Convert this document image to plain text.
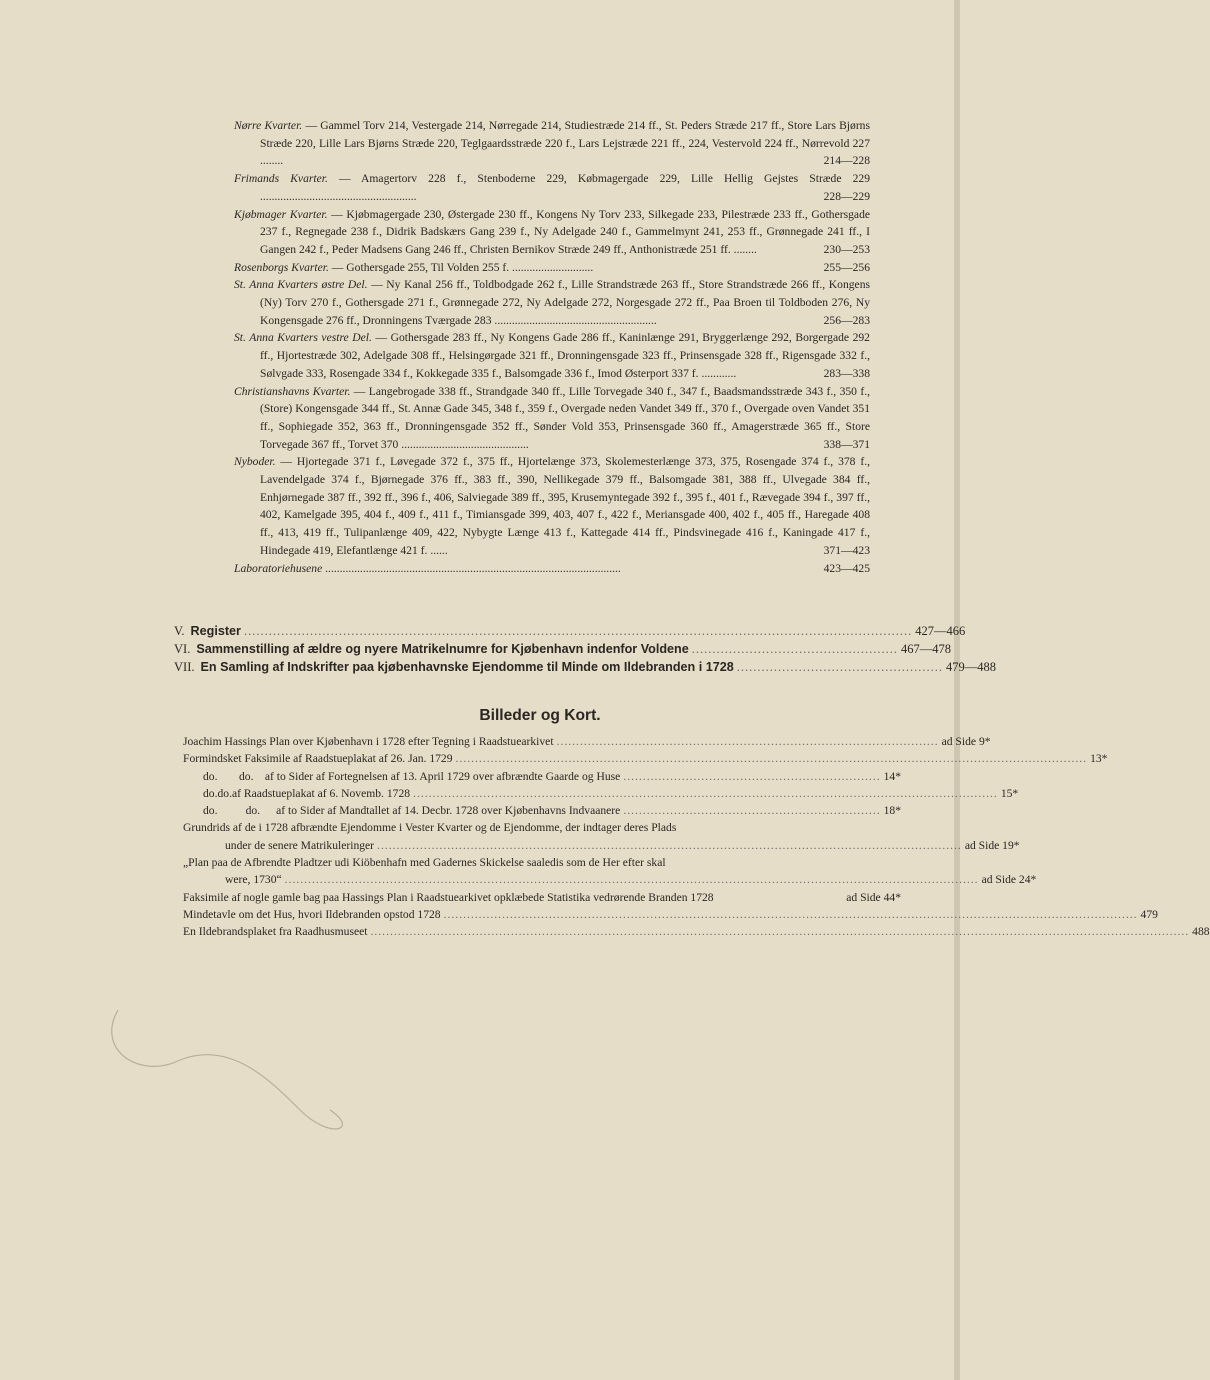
Nørre Kvarter. — Gammel Torv 214, Vestergade 214, Nørregade 214, Studiestræde 214 ff., St. Peders Stræde 217 ff., Store Lars Bjørns Stræde 220, Lille Lars Bjørns Stræde 220, Teglgaardsstræde 220 f., Lars Lejstræde 221 ff., 224, Vestervold 224 ff., Nørrevold 227 ........	214—228
Frimands Kvarter. — Amagertorv 228 f., Stenboderne 229, Købmagergade 229, Lille Hellig Gejstes Stræde 229 ......................................................	228—229
Kjøbmager Kvarter. — Kjøbmagergade 230, Østergade 230 ff., Kongens Ny Torv 233, Silkegade 233, Pilestræde 233 ff., Gothersgade 237 f., Regnegade 238 f., Didrik Badskærs Gang 239 f., Ny Adelgade 240 f., Gammelmynt 241, 253 ff., Grønnegade 241 ff., I Gangen 242 f., Peder Madsens Gang 246 ff., Christen Bernikov Stræde 249 ff., Anthonistræde 251 ff. ........	230—253
Rosenborgs Kvarter. — Gothersgade 255, Til Volden 255 f. ............................	255—256
St. Anna Kvarters østre Del. — Ny Kanal 256 ff., Toldbodgade 262 f., Lille Strandstræde 263 ff., Store Strandstræde 266 ff., Kongens (Ny) Torv 270 f., Gothersgade 271 f., Grønnegade 272, Ny Adelgade 272, Norgesgade 272 ff., Paa Broen til Toldboden 276, Ny Kongensgade 276 ff., Dronningens Tværgade 283 ........................................................	256—283
St. Anna Kvarters vestre Del. — Gothersgade 283 ff., Ny Kongens Gade 286 ff., Kaninlænge 291, Bryggerlænge 292, Borgergade 292 ff., Hjortestræde 302, Adelgade 308 ff., Helsingørgade 321 ff., Dronningensgade 323 ff., Prinsensgade 328 ff., Rigensgade 332 f., Sølvgade 333, Rosengade 334 f., Kokkegade 335 f., Balsomgade 336 f., Imod Østerport 337 f. ............	283—338
Christianshavns Kvarter. — Langebrogade 338 ff., Strandgade 340 ff., Lille Torvegade 340 f., 347 f., Baadsmandsstræde 343 f., 350 f., (Store) Kongensgade 344 ff., St. Annæ Gade 345, 348 f., 359 f., Overgade neden Vandet 349 ff., 370 f., Overgade oven Vandet 351 ff., Sophiegade 352, 363 ff., Dronningensgade 352 ff., Sønder Vold 353, Prinsensgade 360 ff., Amagerstræde 365 ff., Store Torvegade 367 ff., Torvet 370 ............................................	338—371
Nyboder. — Hjortegade 371 f., Løvegade 372 f., 375 ff., Hjortelænge 373, Skolemesterlænge 373, 375, Rosengade 374 f., 378 f., Lavendelgade 374 f., Bjørnegade 376 ff., 383 ff., 390, Nellikegade 379 ff., Balsomgade 381, 388 ff., Ulvegade 384 ff., Enhjørnegade 387 ff., 392 ff., 396 f., 406, Salviegade 389 ff., 395, Krusemyntegade 392 f., 395 f., 401 f., Rævegade 394 f., 397 ff., 402, Kamelgade 395, 404 f., 409 f., 411 f., Timiansgade 399, 403, 407 f., 422 f., Meriansgade 400, 402 f., 405 ff., Haregade 408 ff., 413, 419 ff., Tulipanlænge 409, 422, Nybygte Længe 413 f., Kattegade 414 ff., Pindsvinegade 416 f., Kaningade 417 f., Hindegade 419, Elefantlænge 421 f. ......	371—423
Laboratoriehusene ......................................................................................................	423—425
V. Register .................................................................................................................................................................. 427—466
VI. Sammenstilling af ældre og nyere Matrikelnumre for Kjøbenhavn indenfor Voldene .................................................. 467—478
VII. En Samling af Indskrifter paa kjøbenhavnske Ejendomme til Minde om Ildebranden i 1728 .................................................. 479—488
Billeder og Kort.
Joachim Hassings Plan over Kjøbenhavn i 1728 efter Tegning i Raadstuearkivet .................................................................................................. ad Side 9*
Formindsket Faksimile af Raadstueplakat af 26. Jan. 1729 .................................................................................................................................................................. 13*
do.	do. af to Sider af Fortegnelsen af 13. April 1729 over afbrændte Gaarde og Huse .................................................................. 14*
do. do. af Raadstueplakat af 6. Novemb. 1728 ...................................................................................................................................................... 15*
do.	do.	af to Sider af Mandtallet af 14. Decbr. 1728 over Kjøbenhavns Indvaanere .................................................................. 18*
Grundrids af de i 1728 afbrændte Ejendomme i Vester Kvarter og de Ejendomme, der indtager deres Plads
under de senere Matrikuleringer ...................................................................................................................................................... ad Side 19*
„Plan paa de Afbrendte Pladtzer udi Kiöbenhafn med Gadernes Skickelse saaledis som de Her efter skal
were, 1730“ .................................................................................................................................................................................. ad Side 24*
Faksimile af nogle gamle bag paa Hassings Plan i Raadstuearkivet opklæbede Statistika vedrørende Branden 1728	ad Side 44*
Mindetavle om det Hus, hvori Ildebranden opstod 1728 .................................................................................................................................................................................. 479
En Ildebrandsplaket fra Raadhusmuseet .................................................................................................................................................................................................................. 488
